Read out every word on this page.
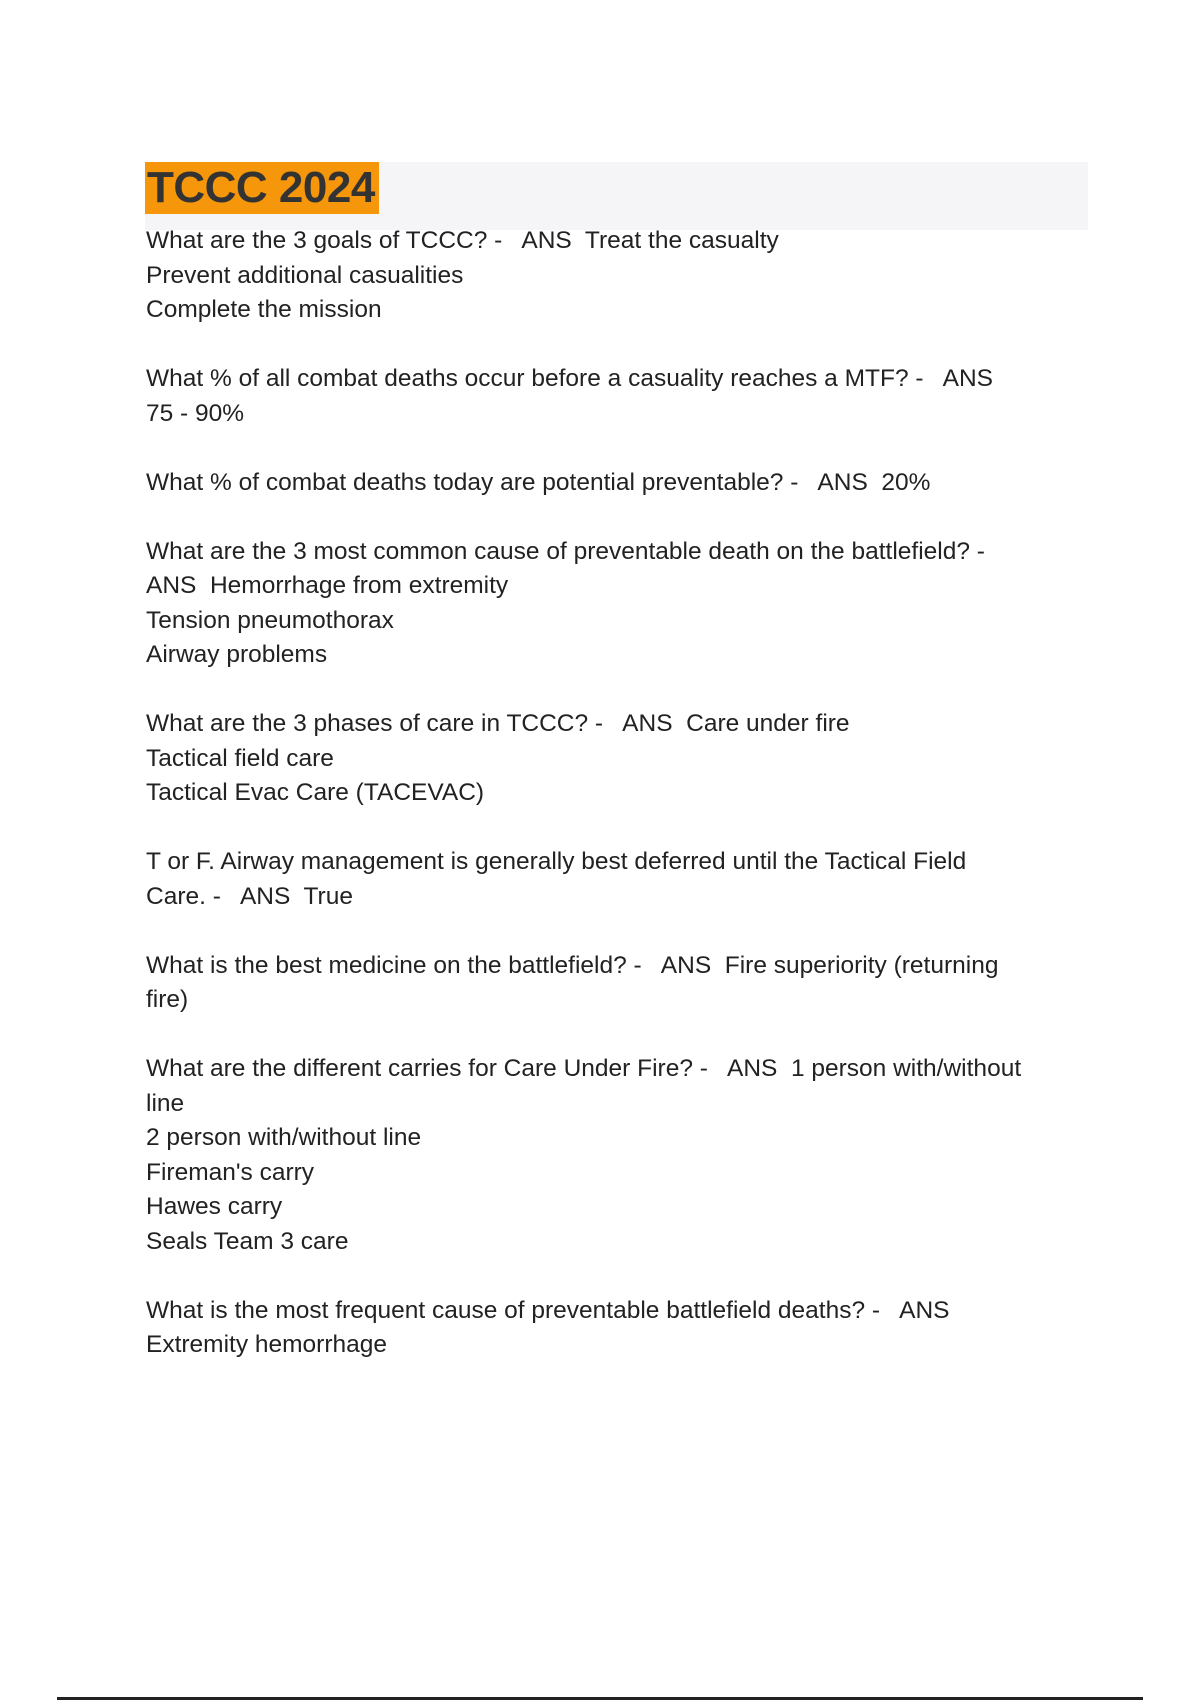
TCCC 2024
What are the 3 goals of TCCC? -   ANS  Treat the casualty
Prevent additional casualities
Complete the mission
What % of all combat deaths occur before a casuality reaches a MTF? -   ANS
75 - 90%
What % of combat deaths today are potential preventable? -   ANS  20%
What are the 3 most common cause of preventable death on the battlefield? -
ANS  Hemorrhage from extremity
Tension pneumothorax
Airway problems
What are the 3 phases of care in TCCC? -   ANS  Care under fire
Tactical field care
Tactical Evac Care (TACEVAC)
T or F. Airway management is generally best deferred until the Tactical Field
Care. -   ANS  True
What is the best medicine on the battlefield? -   ANS  Fire superiority (returning
fire)
What are the different carries for Care Under Fire? -   ANS  1 person with/without
line
2 person with/without line
Fireman's carry
Hawes carry
Seals Team 3 care
What is the most frequent cause of preventable battlefield deaths? -   ANS
Extremity hemorrhage
